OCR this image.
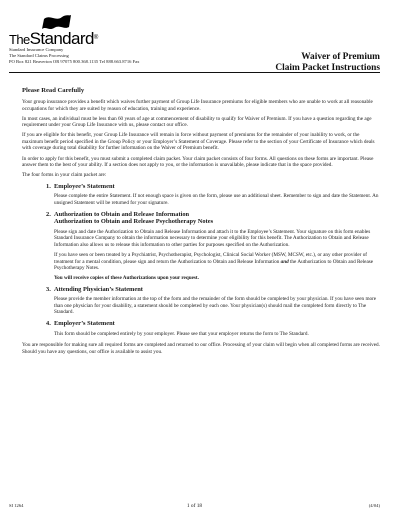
TheStandard®
Standard Insurance Company
The Standard Claims Processing
PO Box 821 Beaverton OR 97075 800.368.1135 Tel 888.663.8716 Fax	Waiver of Premium
Claim Packet Instructions
Please Read Carefully

Your group insurance provides a benefit which waives further payment of Group Life Insurance premiums for eligible members who are unable to work at all reasonable occupations for which they are suited by reason of education, training and experience.

In most cases, an individual must be less than 60 years of age at commencement of disability to qualify for Waiver of Premium. If you have a question regarding the age requirement under your Group Life Insurance with us, please contact our office.

If you are eligible for this benefit, your Group Life Insurance will remain in force without payment of premiums for the remainder of your inability to work, or the maximum benefit period specified in the Group Policy or your Employer’s Statement of Coverage. Please refer to the section of your Certificate of Insurance which deals with coverage during total disability for further information on the Waiver of Premium benefit.

In order to apply for this benefit, you must submit a completed claim packet. Your claim packet consists of four forms. All questions on these forms are important. Please answer them to the best of your ability. If a section does not apply to you, or the information is unavailable, please indicate that in the space provided.

The four forms in your claim packet are:

1. Employee’s Statement

Please complete the entire Statement. If not enough space is given on the form, please use an additional sheet. Remember to sign and date the Statement. An unsigned Statement will be returned for your signature.

2. Authorization to Obtain and Release Information
Authorization to Obtain and Release Psychotherapy Notes

Please sign and date the Authorization to Obtain and Release Information and attach it to the Employee’s Statement. Your signature on this form enables Standard Insurance Company to obtain the information necessary to determine your eligibility for this benefit. The Authorization to Obtain and Release Information also allows us to release this information to other parties for purposes specified on the Authorization.

If you have seen or been treated by a Psychiatrist, Psychotherapist, Psychologist, Clinical Social Worker (MSW, MCSW, etc.), or any other provider of treatment for a mental condition, please sign and return the Authorization to Obtain and Release Information and the Authorization to Obtain and Release Psychotherapy Notes.

You will receive copies of these Authorizations upon your request.

3. Attending Physician’s Statement

Please provide the member information at the top of the form and the remainder of the form should be completed by your physician. If you have seen more than one physician for your disability, a statement should be completed by each one. Your physician(s) should mail the completed form directly to The Standard.

4. Employer’s Statement

This form should be completed entirely by your employer. Please see that your employer returns the form to The Standard.

You are responsible for making sure all required forms are completed and returned to our office. Processing of your claim will begin when all completed forms are received. Should you have any questions, our office is available to assist you.

SI 1264	1 of 18	(4/04)
